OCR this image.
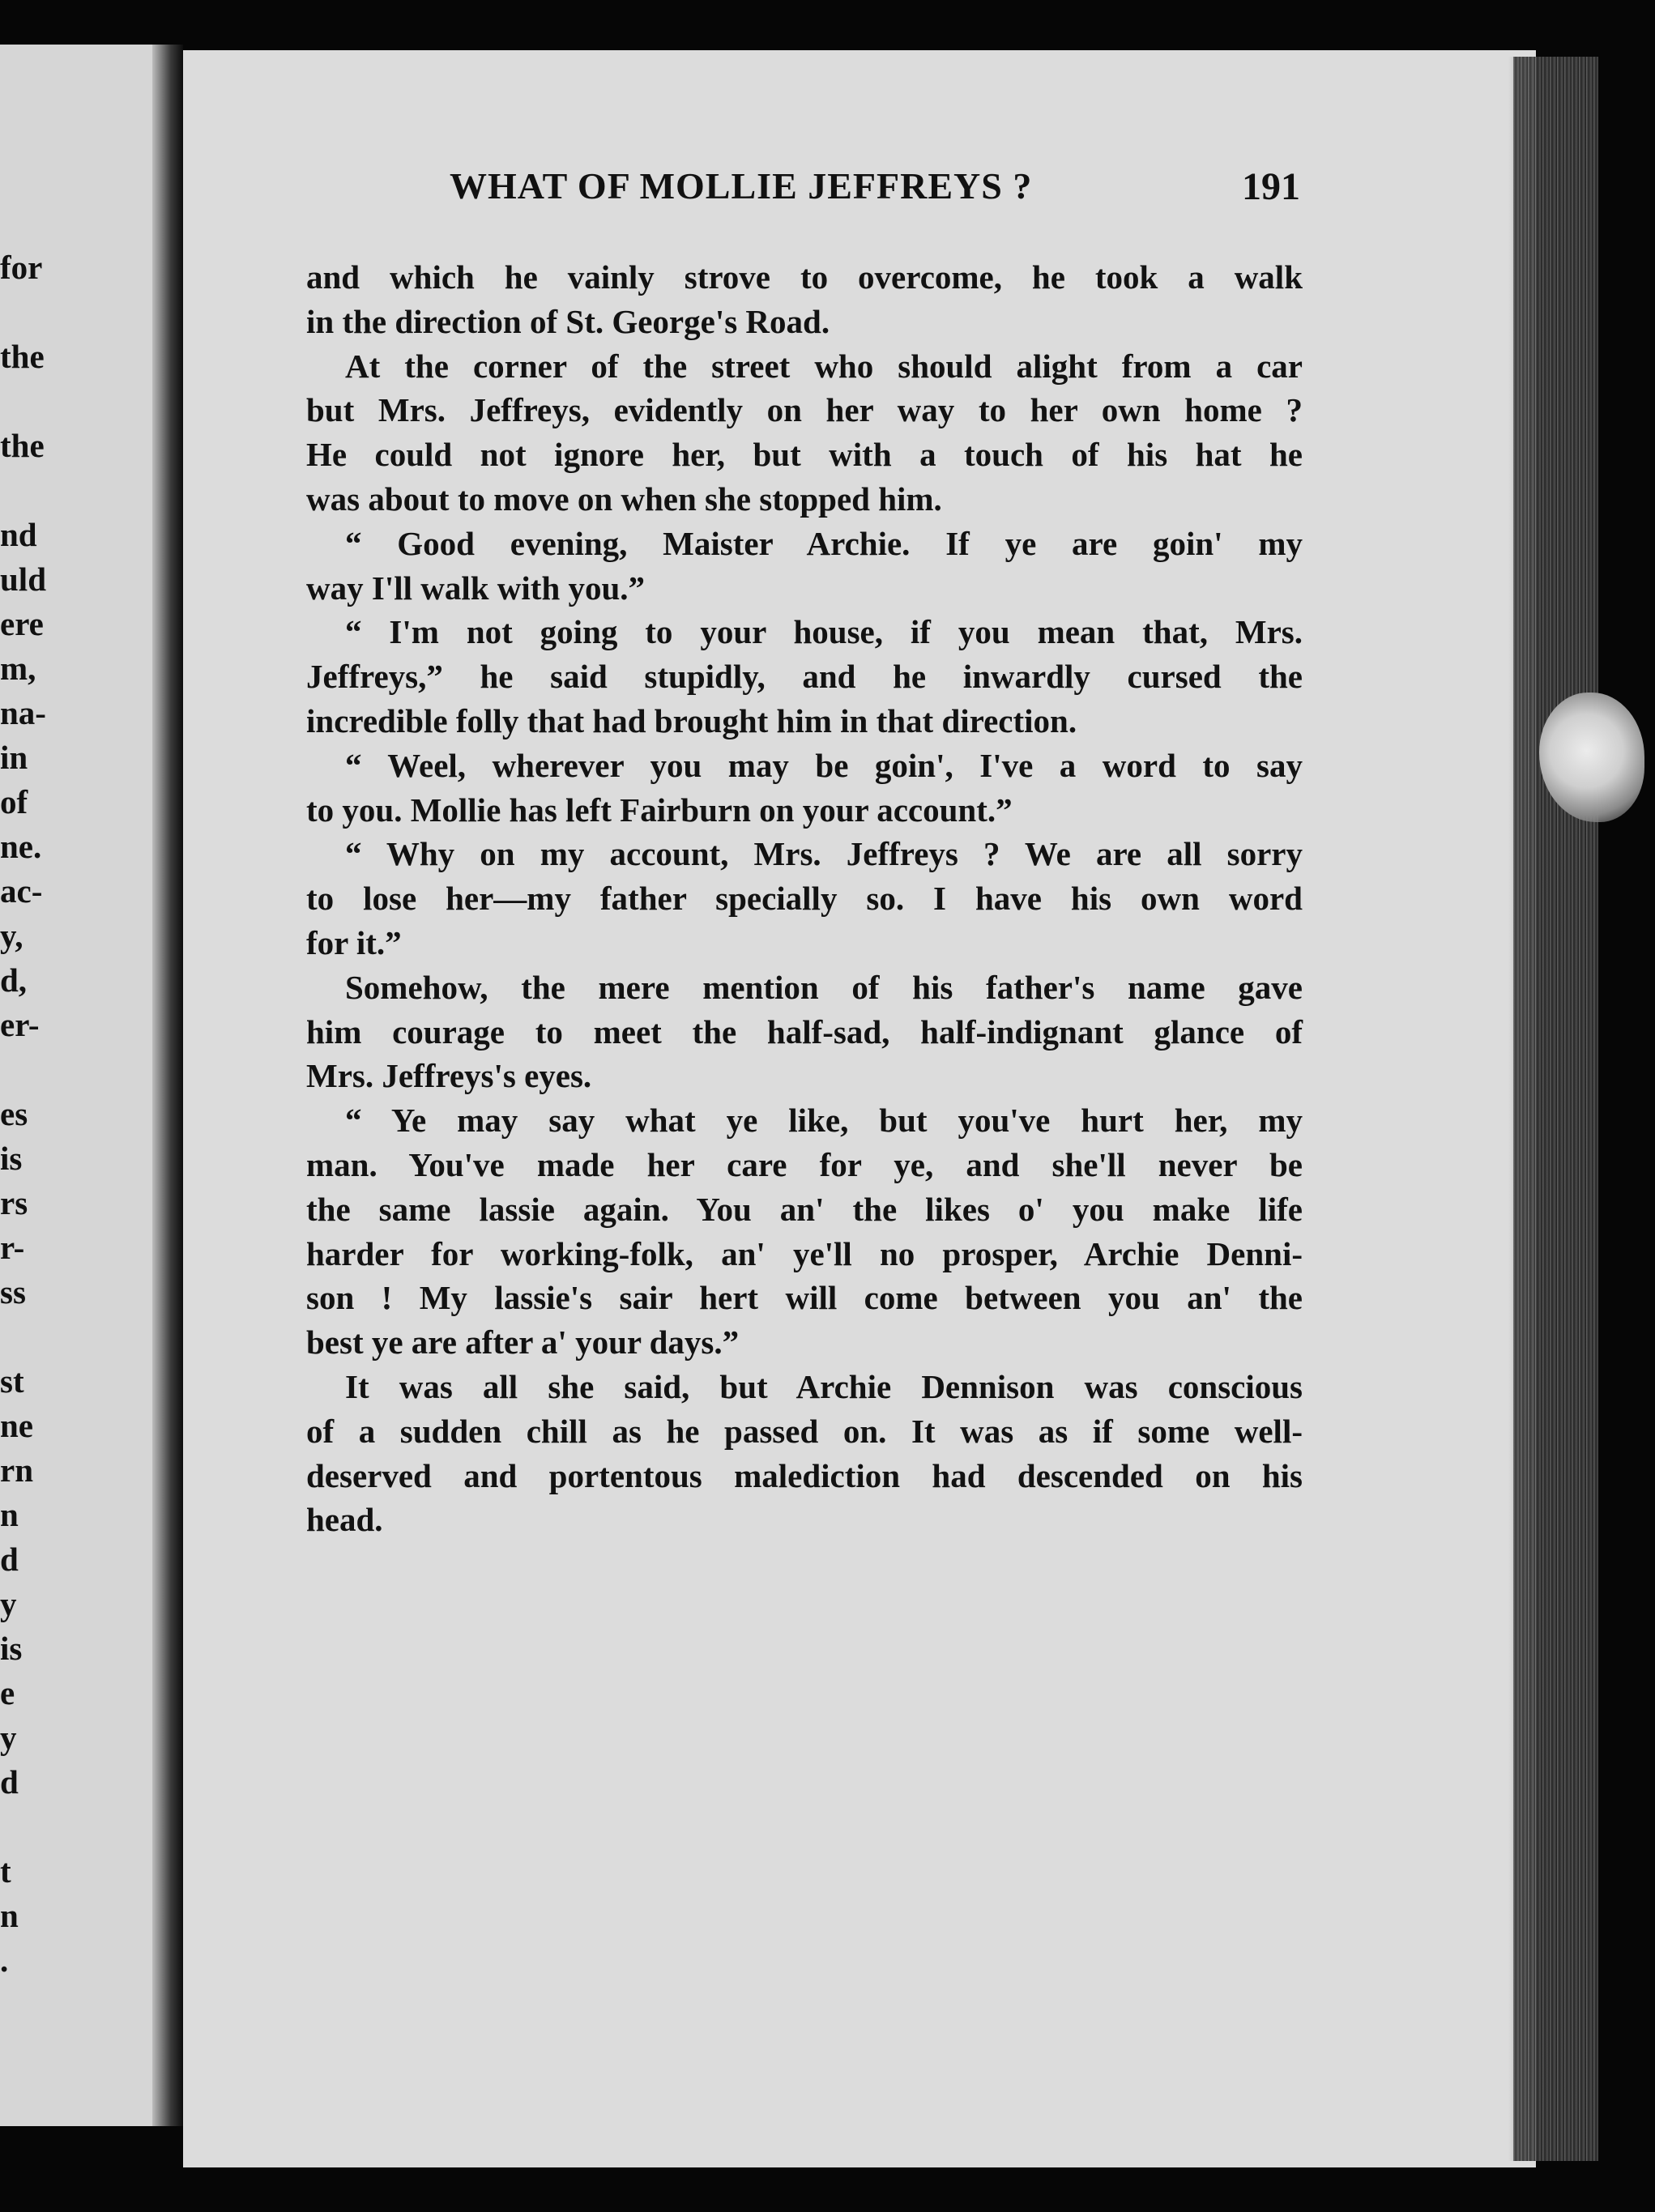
for
the
the
nd
uld
ere
m,
na-
in
of
ne.
ac-
y,
d,
er-
es
is
rs
r-
ss
st
ne
rn
n
d
y
is
e
y
d
t
n
.
WHAT OF MOLLIE JEFFREYS ?	191
and which he vainly strove to overcome, he took a walk
in the direction of St. George's Road.
At the corner of the street who should alight from a car
but Mrs. Jeffreys, evidently on her way to her own home ?
He could not ignore her, but with a touch of his hat he
was about to move on when she stopped him.
“ Good evening, Maister Archie. If ye are goin' my
way I'll walk with you.”
“ I'm not going to your house, if you mean that, Mrs.
Jeffreys,” he said stupidly, and he inwardly cursed the
incredible folly that had brought him in that direction.
“ Weel, wherever you may be goin', I've a word to say
to you. Mollie has left Fairburn on your account.”
“ Why on my account, Mrs. Jeffreys ? We are all sorry
to lose her—my father specially so. I have his own word
for it.”
Somehow, the mere mention of his father's name gave
him courage to meet the half-sad, half-indignant glance of
Mrs. Jeffreys's eyes.
“ Ye may say what ye like, but you've hurt her, my
man. You've made her care for ye, and she'll never be
the same lassie again. You an' the likes o' you make life
harder for working-folk, an' ye'll no prosper, Archie Denni-
son ! My lassie's sair hert will come between you an' the
best ye are after a' your days.”
It was all she said, but Archie Dennison was conscious
of a sudden chill as he passed on. It was as if some well-
deserved and portentous malediction had descended on his
head.
